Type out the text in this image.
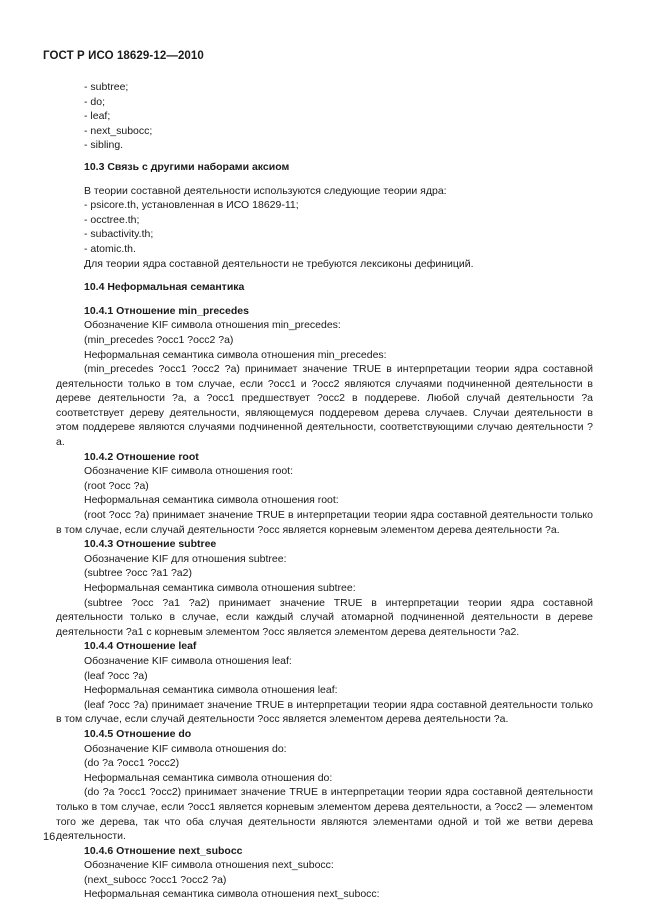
ГОСТ Р ИСО 18629-12—2010

- subtree;

- do;

- leaf;

- next_subocc;

- sibling.

10.3 Связь с другими наборами аксиом

В теории составной деятельности используются следующие теории ядра:

- psicore.th, установленная в ИСО 18629-11;

- occtree.th;

- subactivity.th;

- atomic.th.

Для теории ядра составной деятельности не требуются лексиконы дефиниций.

10.4 Неформальная семантика

10.4.1 Отношение min_precedes

Обозначение KIF символа отношения min_precedes:

(min_precedes ?occ1 ?occ2 ?a)

Неформальная семантика символа отношения min_precedes:

(min_precedes ?occ1 ?occ2 ?a) принимает значение TRUE в интерпретации теории ядра составной деятельности только в том случае, если ?occ1 и ?occ2 являются случаями подчиненной деятельности в дереве деятельности ?a, а ?occ1 предшествует ?occ2 в поддереве. Любой случай деятельности ?a соответствует дереву деятельности, являющемуся поддеревом дерева случаев. Случаи деятельности в этом поддереве являются случаями подчиненной деятельности, соответствующими случаю деятельности ?a.

10.4.2 Отношение root

Обозначение KIF символа отношения root:

(root ?occ ?a)

Неформальная семантика символа отношения root:

(root ?occ ?a) принимает значение TRUE в интерпретации теории ядра составной деятельности только в том случае, если случай деятельности ?occ является корневым элементом дерева деятельности ?a.

10.4.3 Отношение subtree

Обозначение KIF для отношения subtree:

(subtree ?occ ?a1 ?a2)

Неформальная семантика символа отношения subtree:

(subtree ?occ ?a1 ?a2) принимает значение TRUE в интерпретации теории ядра составной деятельности только в случае, если каждый случай атомарной подчиненной деятельности в дереве деятельности ?a1 с корневым элементом ?occ является элементом дерева деятельности ?a2.

10.4.4 Отношение leaf

Обозначение KIF символа отношения leaf:

(leaf ?occ ?a)

Неформальная семантика символа отношения leaf:

(leaf ?occ ?a) принимает значение TRUE в интерпретации теории ядра составной деятельности только в том случае, если случай деятельности ?occ является элементом дерева деятельности ?a.

10.4.5 Отношение do

Обозначение KIF символа отношения do:

(do ?a ?occ1 ?occ2)

Неформальная семантика символа отношения do:

(do ?a ?occ1 ?occ2) принимает значение TRUE в интерпретации теории ядра составной деятельности только в том случае, если ?occ1 является корневым элементом дерева деятельности, а ?occ2 — элементом того же дерева, так что оба случая деятельности являются элементами одной и той же ветви дерева деятельности.

10.4.6 Отношение next_subocc

Обозначение KIF символа отношения next_subocc:

(next_subocc ?occ1 ?occ2 ?a)

Неформальная семантика символа отношения next_subocc:

16
